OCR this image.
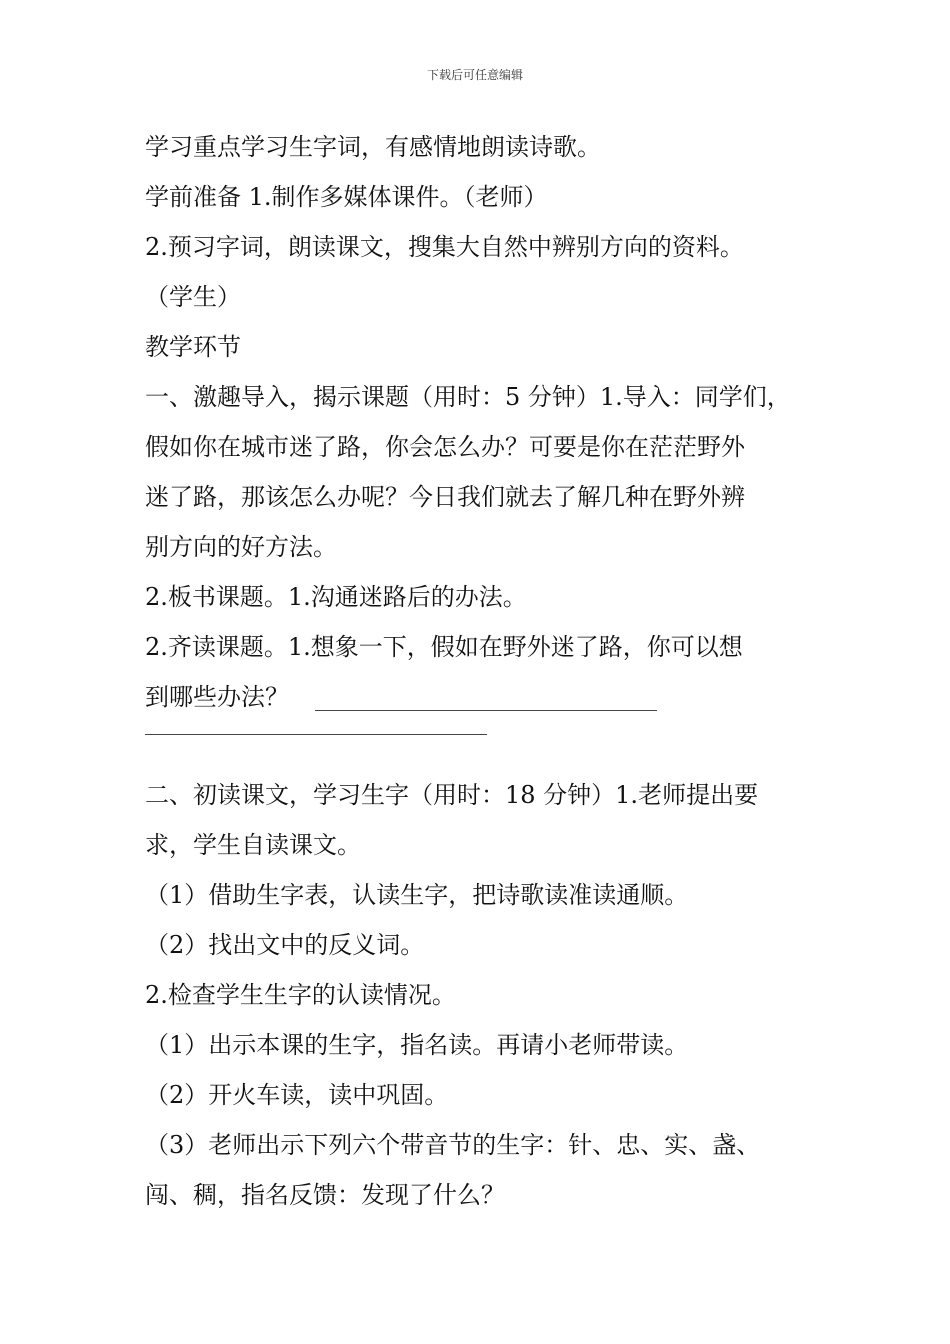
下载后可任意编辑
学习重点学习生字词，有感情地朗读诗歌。
学前准备 1.制作多媒体课件。（老师）
2.预习字词，朗读课文，搜集大自然中辨别方向的资料。
（学生）
教学环节
一、激趣导入，揭示课题（用时：5 分钟）1.导入：同学们，
假如你在城市迷了路，你会怎么办？可要是你在茫茫野外
迷了路，那该怎么办呢？今日我们就去了解几种在野外辨
别方向的好方法。
2.板书课题。1.沟通迷路后的办法。
2.齐读课题。1.想象一下，假如在野外迷了路，你可以想
到哪些办法？
二、初读课文，学习生字（用时：18 分钟）1.老师提出要
求，学生自读课文。
（1）借助生字表，认读生字，把诗歌读准读通顺。
（2）找出文中的反义词。
2.检查学生生字的认读情况。
（1）出示本课的生字，指名读。再请小老师带读。
（2）开火车读，读中巩固。
（3）老师出示下列六个带音节的生字：针、忠、实、盏、
闯、稠，指名反馈：发现了什么？
